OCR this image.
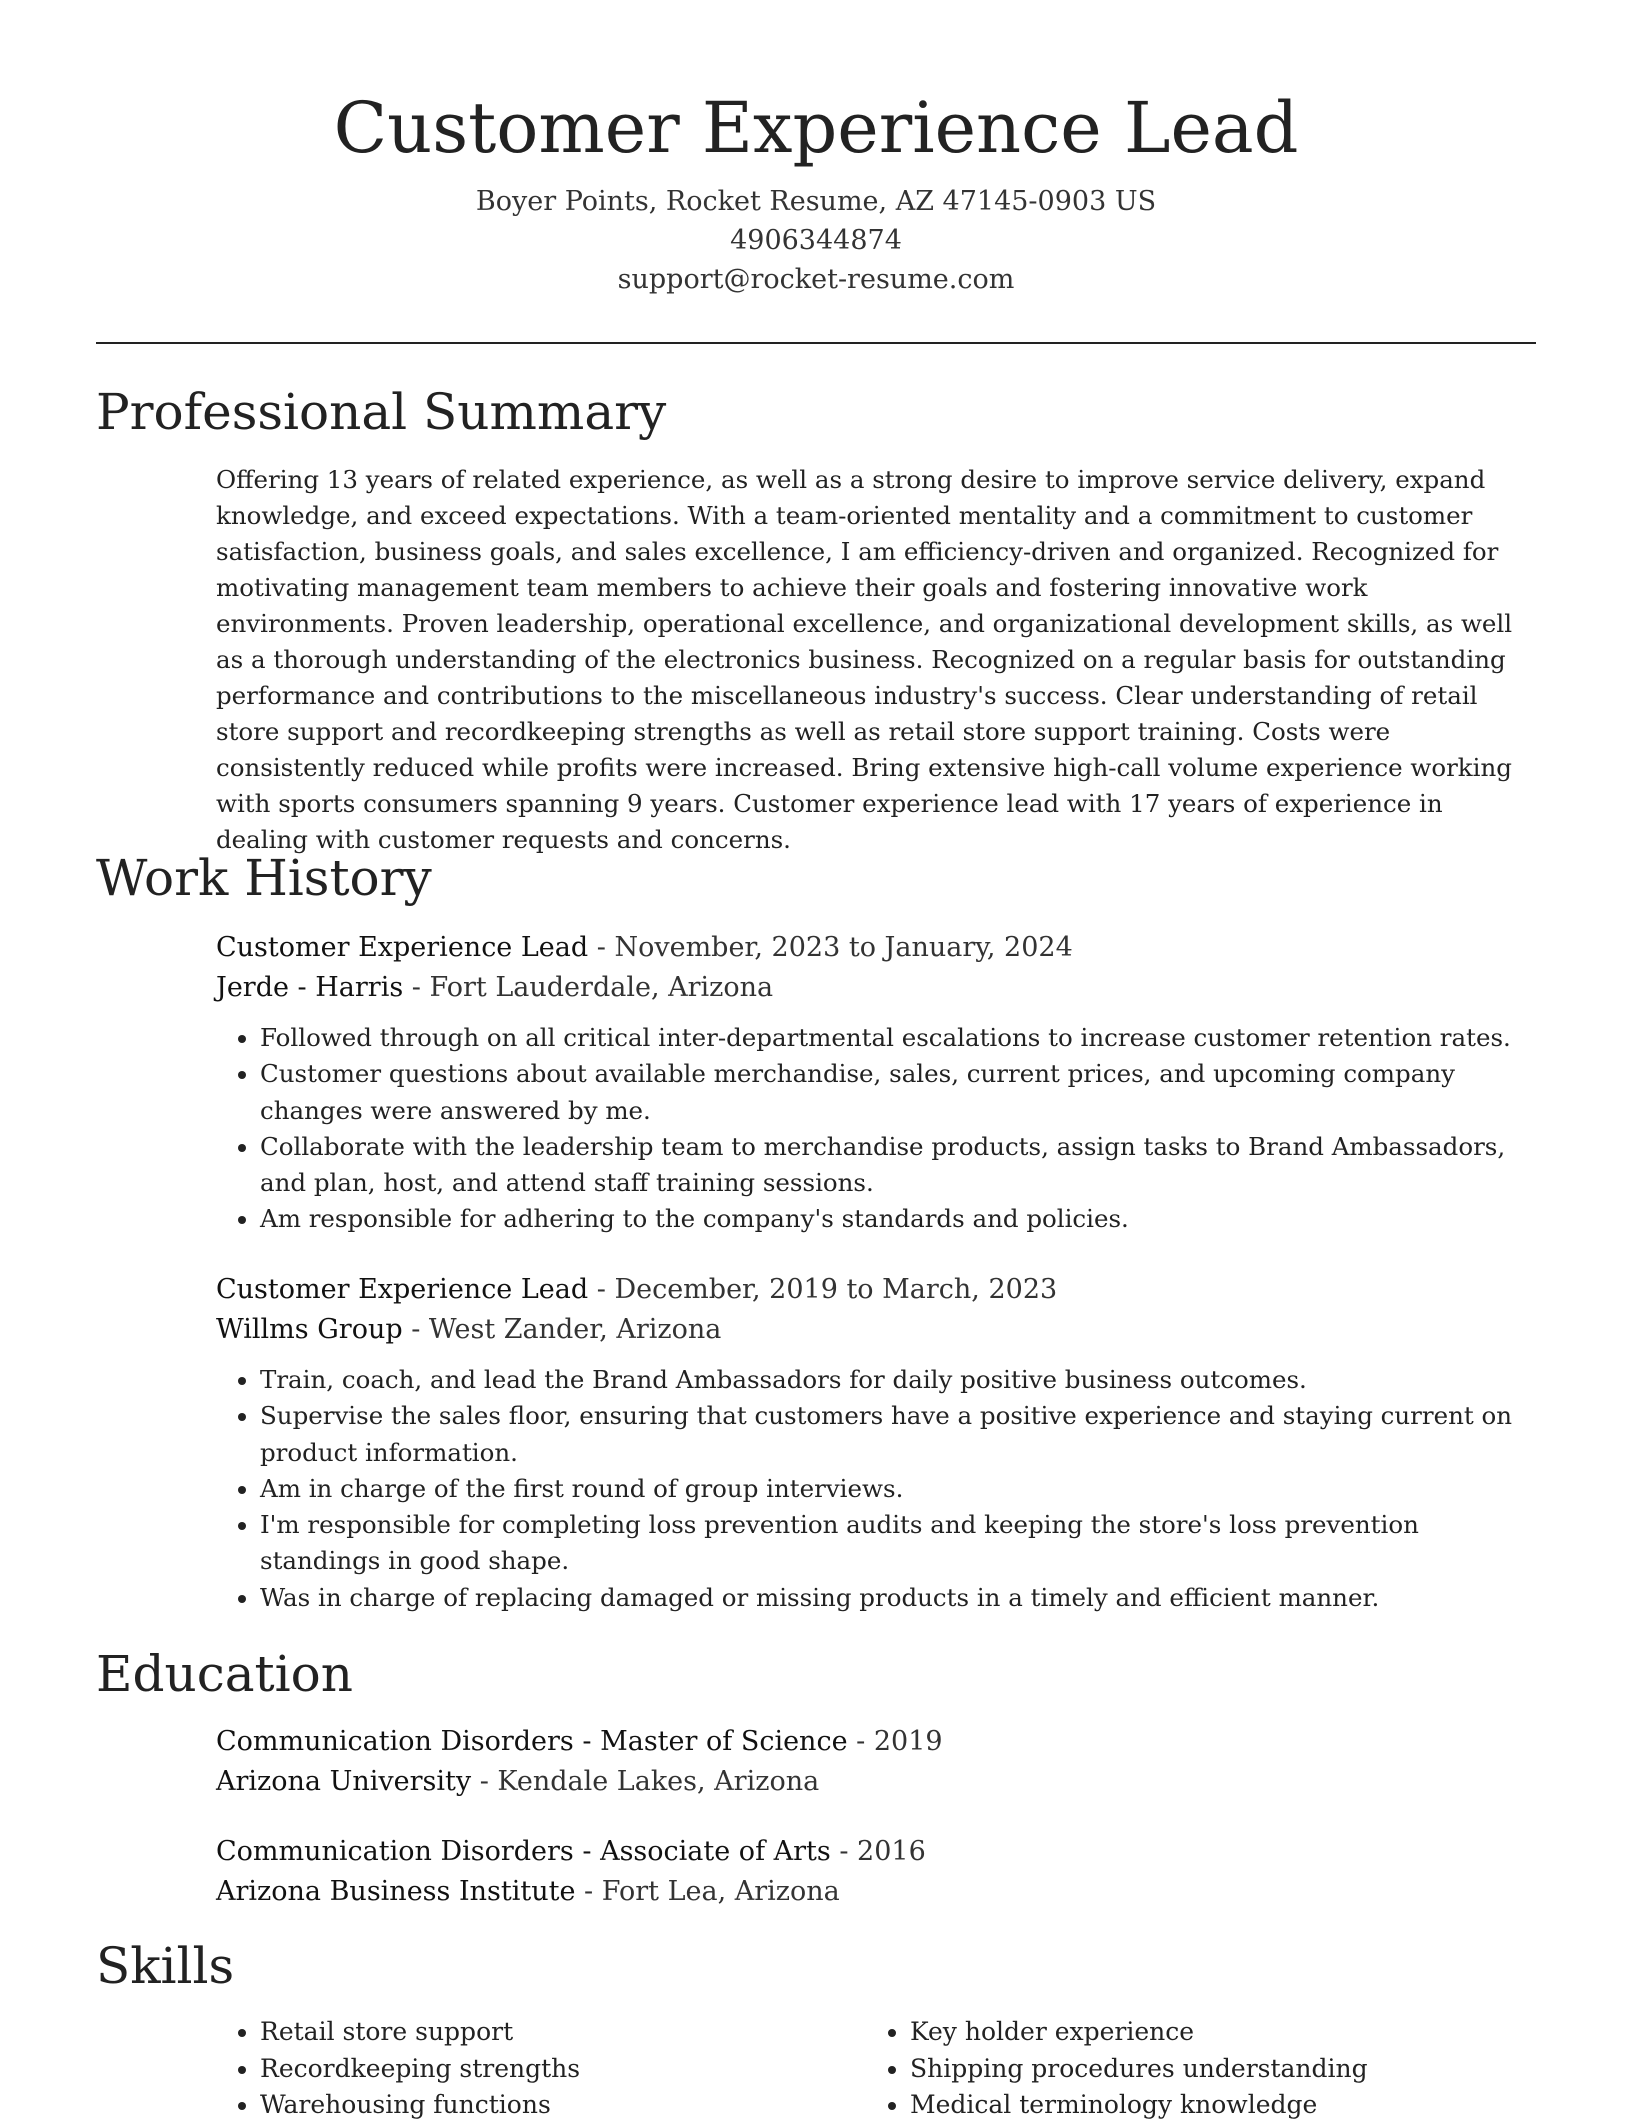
Customer Experience Lead
Boyer Points, Rocket Resume, AZ 47145-0903 US
4906344874
support@rocket-resume.com
Professional Summary

Offering 13 years of related experience, as well as a strong desire to improve service delivery, expand knowledge, and exceed expectations. With a team-oriented mentality and a commitment to customer satisfaction, business goals, and sales excellence, I am efficiency-driven and organized. Recognized for motivating management team members to achieve their goals and fostering innovative work environments. Proven leadership, operational excellence, and organizational development skills, as well as a thorough understanding of the electronics business. Recognized on a regular basis for outstanding performance and contributions to the miscellaneous industry's success. Clear understanding of retail store support and recordkeeping strengths as well as retail store support training. Costs were consistently reduced while profits were increased. Bring extensive high-call volume experience working with sports consumers spanning 9 years. Customer experience lead with 17 years of experience in dealing with customer requests and concerns.

Work History
Customer Experience Lead - November, 2023 to January, 2024
Jerde - Harris - Fort Lauderdale, Arizona
• Followed through on all critical inter-departmental escalations to increase customer retention rates.
• Customer questions about available merchandise, sales, current prices, and upcoming company changes were answered by me.
• Collaborate with the leadership team to merchandise products, assign tasks to Brand Ambassadors, and plan, host, and attend staff training sessions.
• Am responsible for adhering to the company's standards and policies.
Customer Experience Lead - December, 2019 to March, 2023
Willms Group - West Zander, Arizona
• Train, coach, and lead the Brand Ambassadors for daily positive business outcomes.
• Supervise the sales floor, ensuring that customers have a positive experience and staying current on product information.
• Am in charge of the first round of group interviews.
• I'm responsible for completing loss prevention audits and keeping the store's loss prevention standings in good shape.
• Was in charge of replacing damaged or missing products in a timely and efficient manner.
Education
Communication Disorders - Master of Science - 2019
Arizona University - Kendale Lakes, Arizona
Communication Disorders - Associate of Arts - 2016
Arizona Business Institute - Fort Lea, Arizona
Skills
• Retail store support
• Recordkeeping strengths
• Warehousing functions
• Key holder experience
• Shipping procedures understanding
• Medical terminology knowledge
